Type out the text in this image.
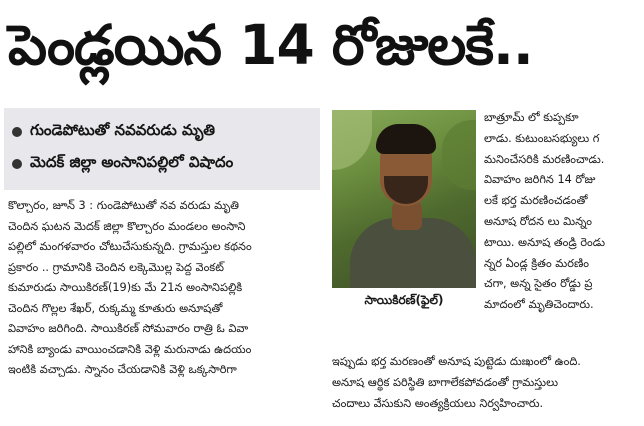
పెండ్లయిన 14 రోజులకే..
గుండెపోటుతో నవవరుడు మృతి
మెదక్ జిల్లా అంసానిపల్లిలో విషాదం

కొల్చారం, జూన్ 3 : గుండెపోటుతో నవ వరుడు మృతి

చెందిన ఘటన మెదక్ జిల్లా కొల్చారం మండలం అంసాని

పల్లిలో మంగళవారం చోటుచేసుకున్నది. గ్రామస్తుల కథనం

ప్రకారం .. గ్రామానికి చెందిన లక్కెమొల్ల పెద్ద వెంకట్

కుమారుడు సాయికిరణ్(19)కు మే 21న అంసానిపల్లికి

చెందిన గొల్లల శేఖర్, రుక్కమ్మ కూతురు అనూషతో

వివాహం జరిగింది. సాయికిరణ్ సోమవారం రాత్రి ఓ వివా

హానికి బ్యాండు వాయించడానికి వెళ్లి మరునాడు ఉదయం

ఇంటికి వచ్చాడు. స్నానం చేయడానికి వెళ్లి ఒక్కసారిగా

సాయికిరణ్(ఫైల్)

బాత్రూమ్ లో కుప్పకూ

లాడు. కుటుంబసభ్యులు గ

మనించేసరికి మరణించాడు.

వివాహం జరిగిన 14 రోజు

లకే భర్త మరణించడంతో

అనూష రోదన లు మిన్నం

టాయి. అనూష తండ్రి రెండు

న్నర ఏండ్ల క్రితం మరణిం

చగా, అన్న సైతం రోడ్డు ప్ర

మాదంలో మృతిచెందారు.

ఇప్పుడు భర్త మరణంతో అనూష పుట్టెడు దుఃఖంలో ఉంది.

అనూష ఆర్థిక పరిస్థితి బాగాలేకపోవడంతో గ్రామస్తులు

చందాలు వేసుకుని అంత్యక్రియలు నిర్వహించారు.
